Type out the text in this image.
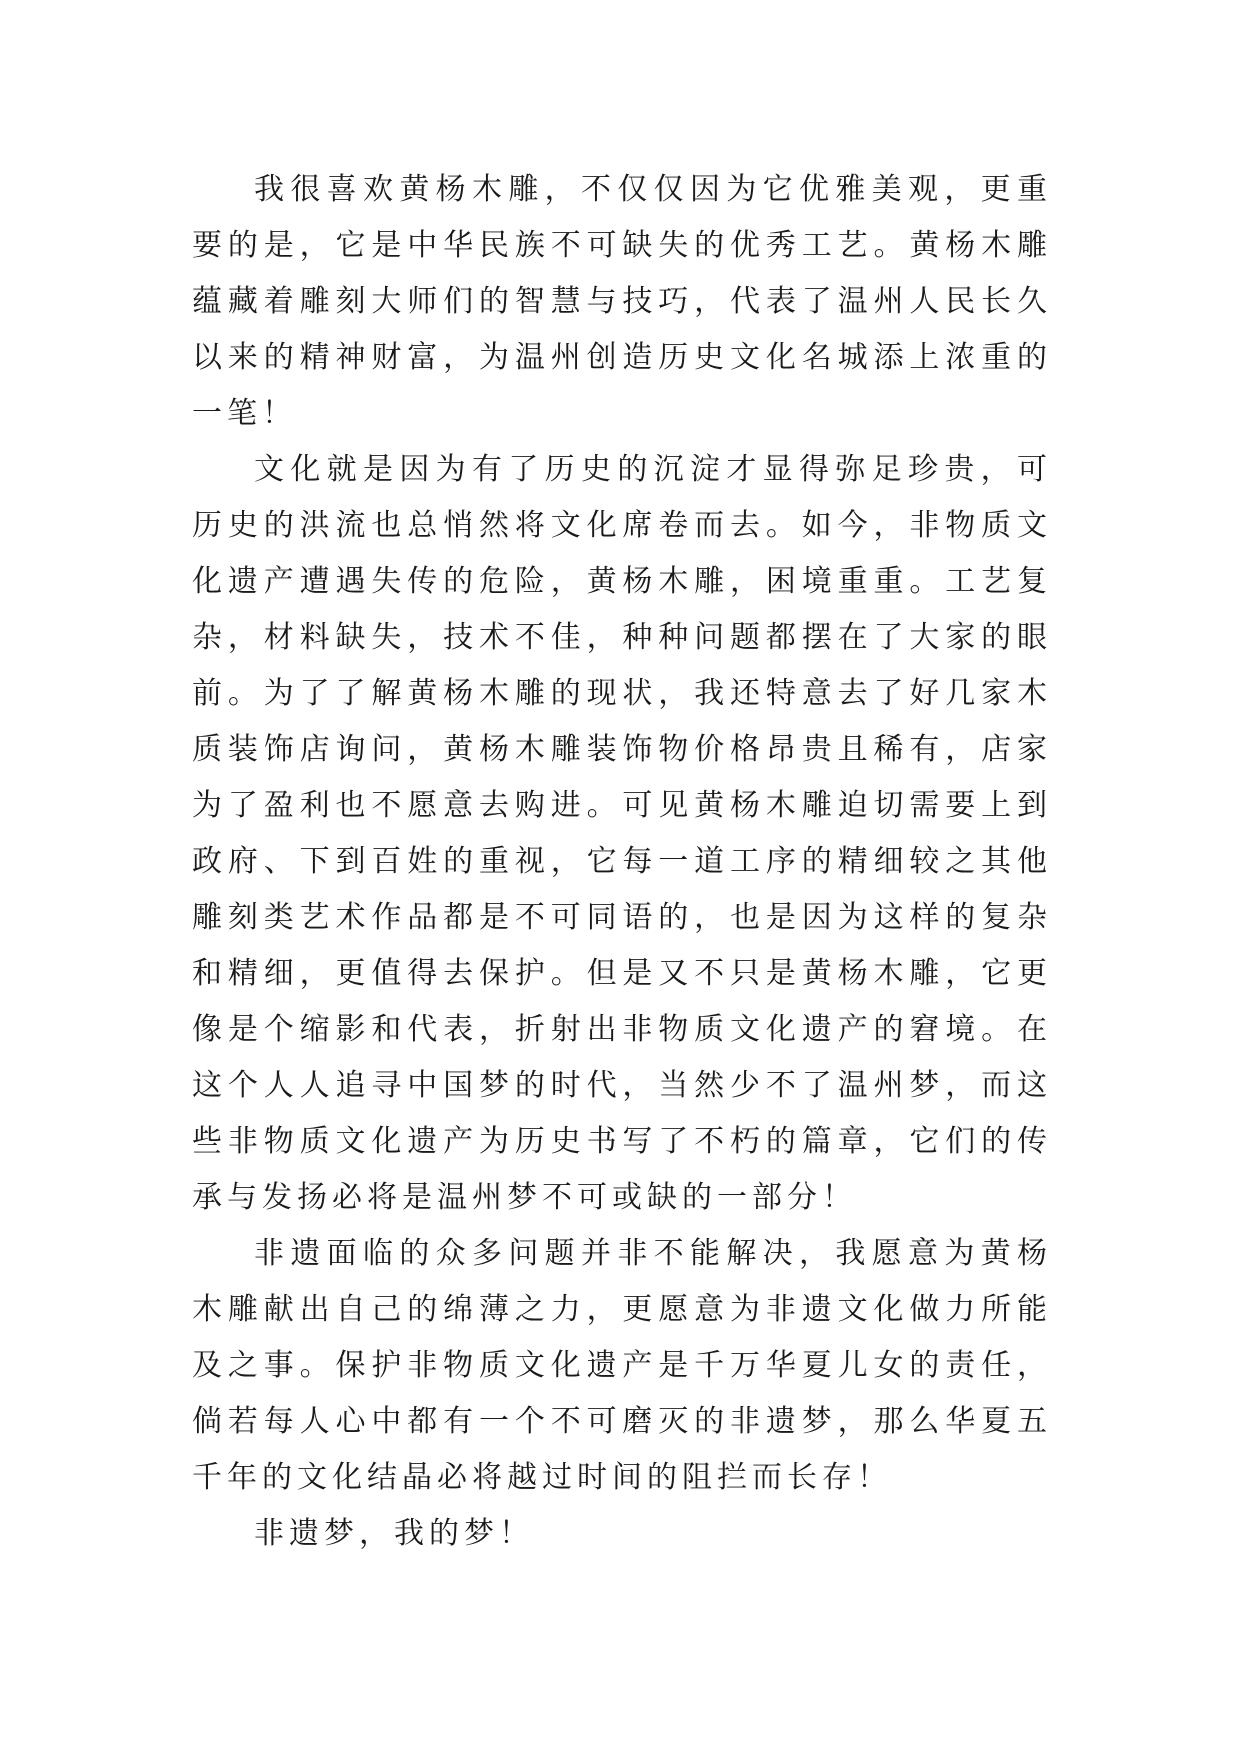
我很喜欢黄杨木雕，不仅仅因为它优雅美观，更重要的是，它是中华民族不可缺失的优秀工艺。黄杨木雕蕴藏着雕刻大师们的智慧与技巧，代表了温州人民长久以来的精神财富，为温州创造历史文化名城添上浓重的一笔！

文化就是因为有了历史的沉淀才显得弥足珍贵，可历史的洪流也总悄然将文化席卷而去。如今，非物质文化遗产遭遇失传的危险，黄杨木雕，困境重重。工艺复杂，材料缺失，技术不佳，种种问题都摆在了大家的眼前。为了了解黄杨木雕的现状，我还特意去了好几家木质装饰店询问，黄杨木雕装饰物价格昂贵且稀有，店家为了盈利也不愿意去购进。可见黄杨木雕迫切需要上到政府、下到百姓的重视，它每一道工序的精细较之其他雕刻类艺术作品都是不可同语的，也是因为这样的复杂和精细，更值得去保护。但是又不只是黄杨木雕，它更像是个缩影和代表，折射出非物质文化遗产的窘境。在这个人人追寻中国梦的时代，当然少不了温州梦，而这些非物质文化遗产为历史书写了不朽的篇章，它们的传承与发扬必将是温州梦不可或缺的一部分！

非遗面临的众多问题并非不能解决，我愿意为黄杨木雕献出自己的绵薄之力，更愿意为非遗文化做力所能及之事。保护非物质文化遗产是千万华夏儿女的责任，倘若每人心中都有一个不可磨灭的非遗梦，那么华夏五千年的文化结晶必将越过时间的阻拦而长存！

非遗梦，我的梦！
